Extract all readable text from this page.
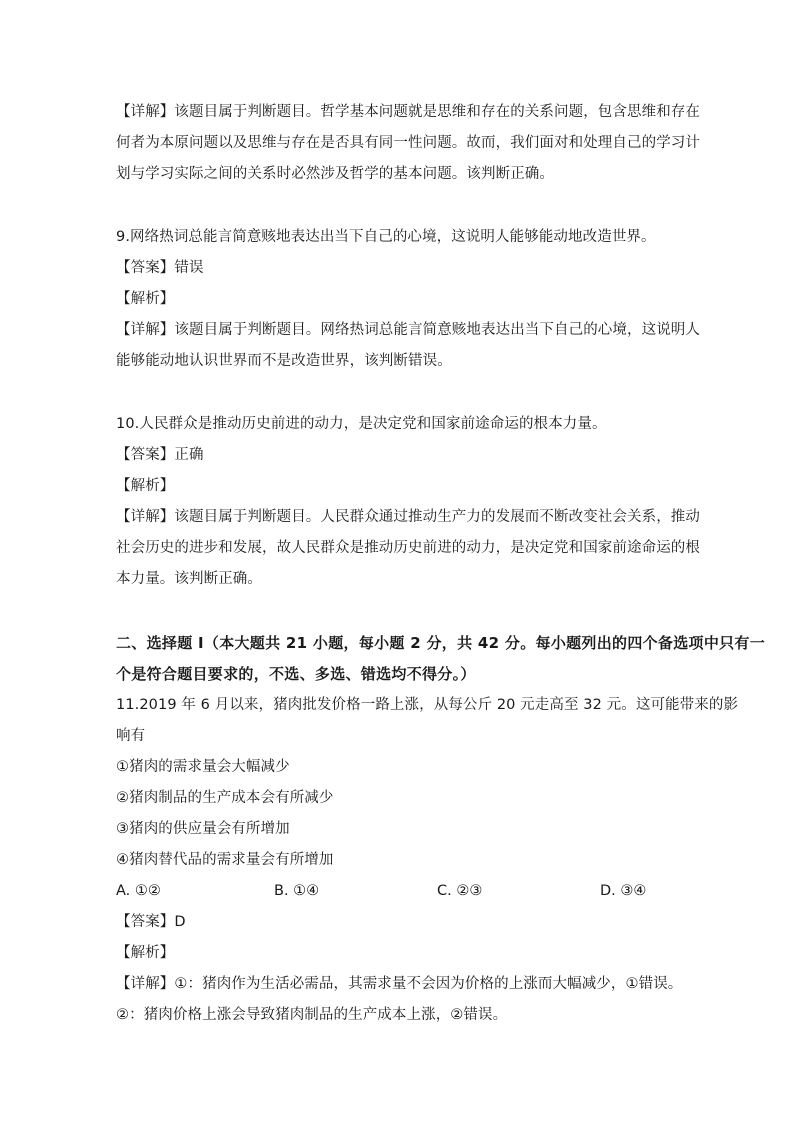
【详解】该题目属于判断题目。哲学基本问题就是思维和存在的关系问题，包含思维和存在
何者为本原问题以及思维与存在是否具有同一性问题。故而，我们面对和处理自己的学习计
划与学习实际之间的关系时必然涉及哲学的基本问题。该判断正确。
9.网络热词总能言简意赅地表达出当下自己的心境，这说明人能够能动地改造世界。
【答案】错误
【解析】
【详解】该题目属于判断题目。网络热词总能言简意赅地表达出当下自己的心境，这说明人
能够能动地认识世界而不是改造世界，该判断错误。
10.人民群众是推动历史前进的动力，是决定党和国家前途命运的根本力量。
【答案】正确
【解析】
【详解】该题目属于判断题目。人民群众通过推动生产力的发展而不断改变社会关系，推动
社会历史的进步和发展，故人民群众是推动历史前进的动力，是决定党和国家前途命运的根
本力量。该判断正确。
二、选择题 I（本大题共 21 小题，每小题 2 分，共 42 分。每小题列出的四个备选项中只有一
个是符合题目要求的，不选、多选、错选均不得分。）
11.2019 年 6 月以来，猪肉批发价格一路上涨，从每公斤 20 元走高至 32 元。这可能带来的影
响有
①猪肉的需求量会大幅减少
②猪肉制品的生产成本会有所减少
③猪肉的供应量会有所增加
④猪肉替代品的需求量会有所增加
A. ①②	B. ①④	C. ②③	D. ③④
【答案】D
【解析】
【详解】①：猪肉作为生活必需品，其需求量不会因为价格的上涨而大幅减少，①错误。
②：猪肉价格上涨会导致猪肉制品的生产成本上涨，②错误。
